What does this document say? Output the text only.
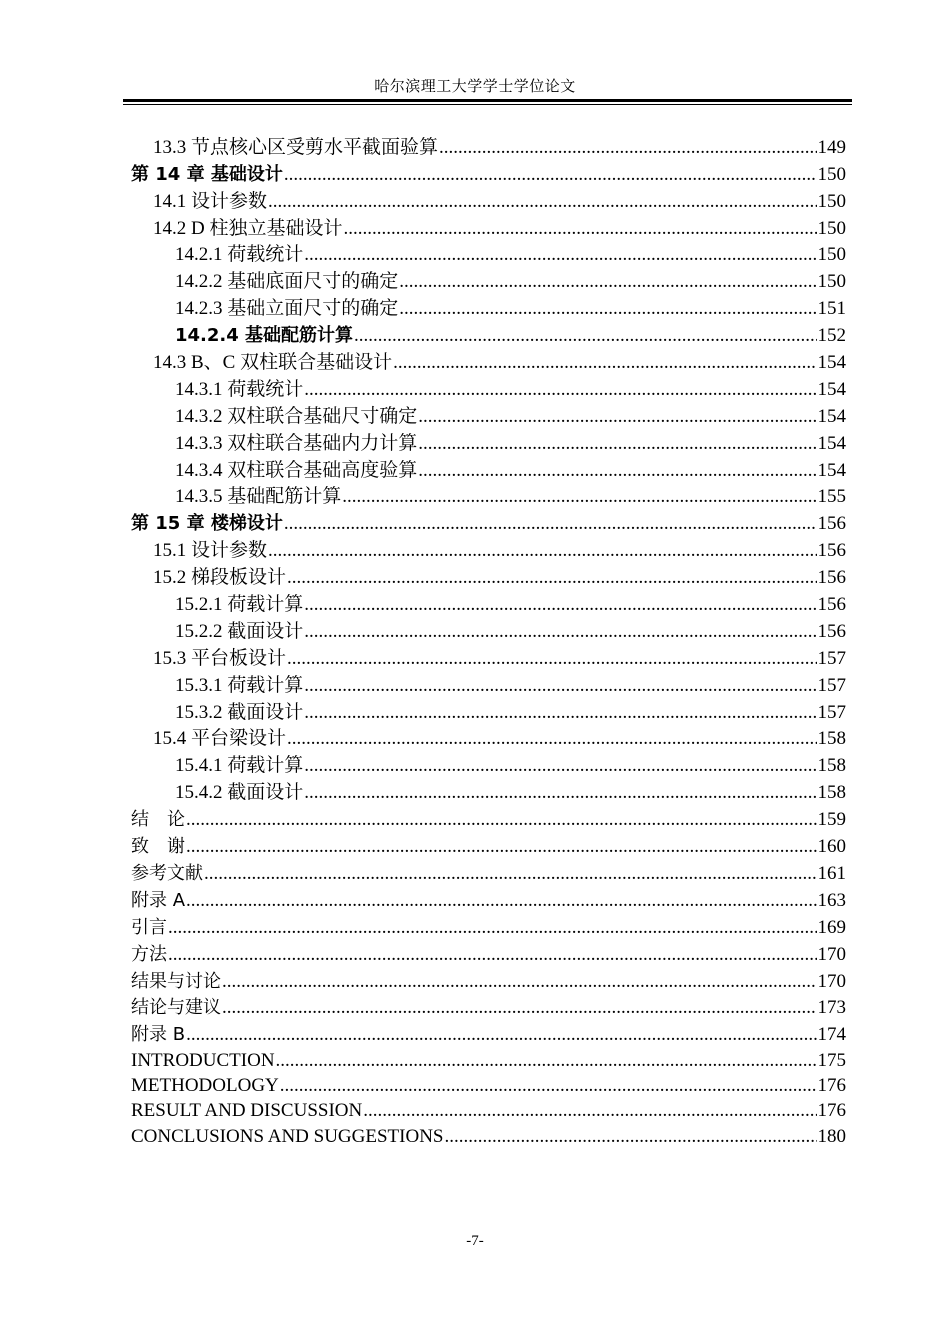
哈尔滨理工大学学士学位论文
13.3 节点核心区受剪水平截面验算 .....	149
第 14 章 基础设计 .....	150
14.1 设计参数 .....	150
14.2 D 柱独立基础设计 .....	150
14.2.1 荷载统计 .....	150
14.2.2 基础底面尺寸的确定 .....	150
14.2.3 基础立面尺寸的确定 .....	151
14.2.4 基础配筋计算 .....	152
14.3 B、C 双柱联合基础设计 .....	154
14.3.1 荷载统计 .....	154
14.3.2 双柱联合基础尺寸确定 .....	154
14.3.3 双柱联合基础内力计算 .....	154
14.3.4 双柱联合基础高度验算 .....	154
14.3.5 基础配筋计算 .....	155
第 15 章 楼梯设计 .....	156
15.1 设计参数 .....	156
15.2 梯段板设计 .....	156
15.2.1 荷载计算 .....	156
15.2.2 截面设计 .....	156
15.3 平台板设计 .....	157
15.3.1 荷载计算 .....	157
15.3.2 截面设计 .....	157
15.4 平台梁设计 .....	158
15.4.1 荷载计算 .....	158
15.4.2 截面设计 .....	158
结　论 .....	159
致　谢 .....	160
参考文献 .....	161
附录 A .....	163
引言 .....	169
方法 .....	170
结果与讨论 .....	170
结论与建议 .....	173
附录 B .....	174
INTRODUCTION .....	175
METHODOLOGY .....	176
RESULT AND DISCUSSION .....	176
CONCLUSIONS AND SUGGESTIONS .....	180
-7-
